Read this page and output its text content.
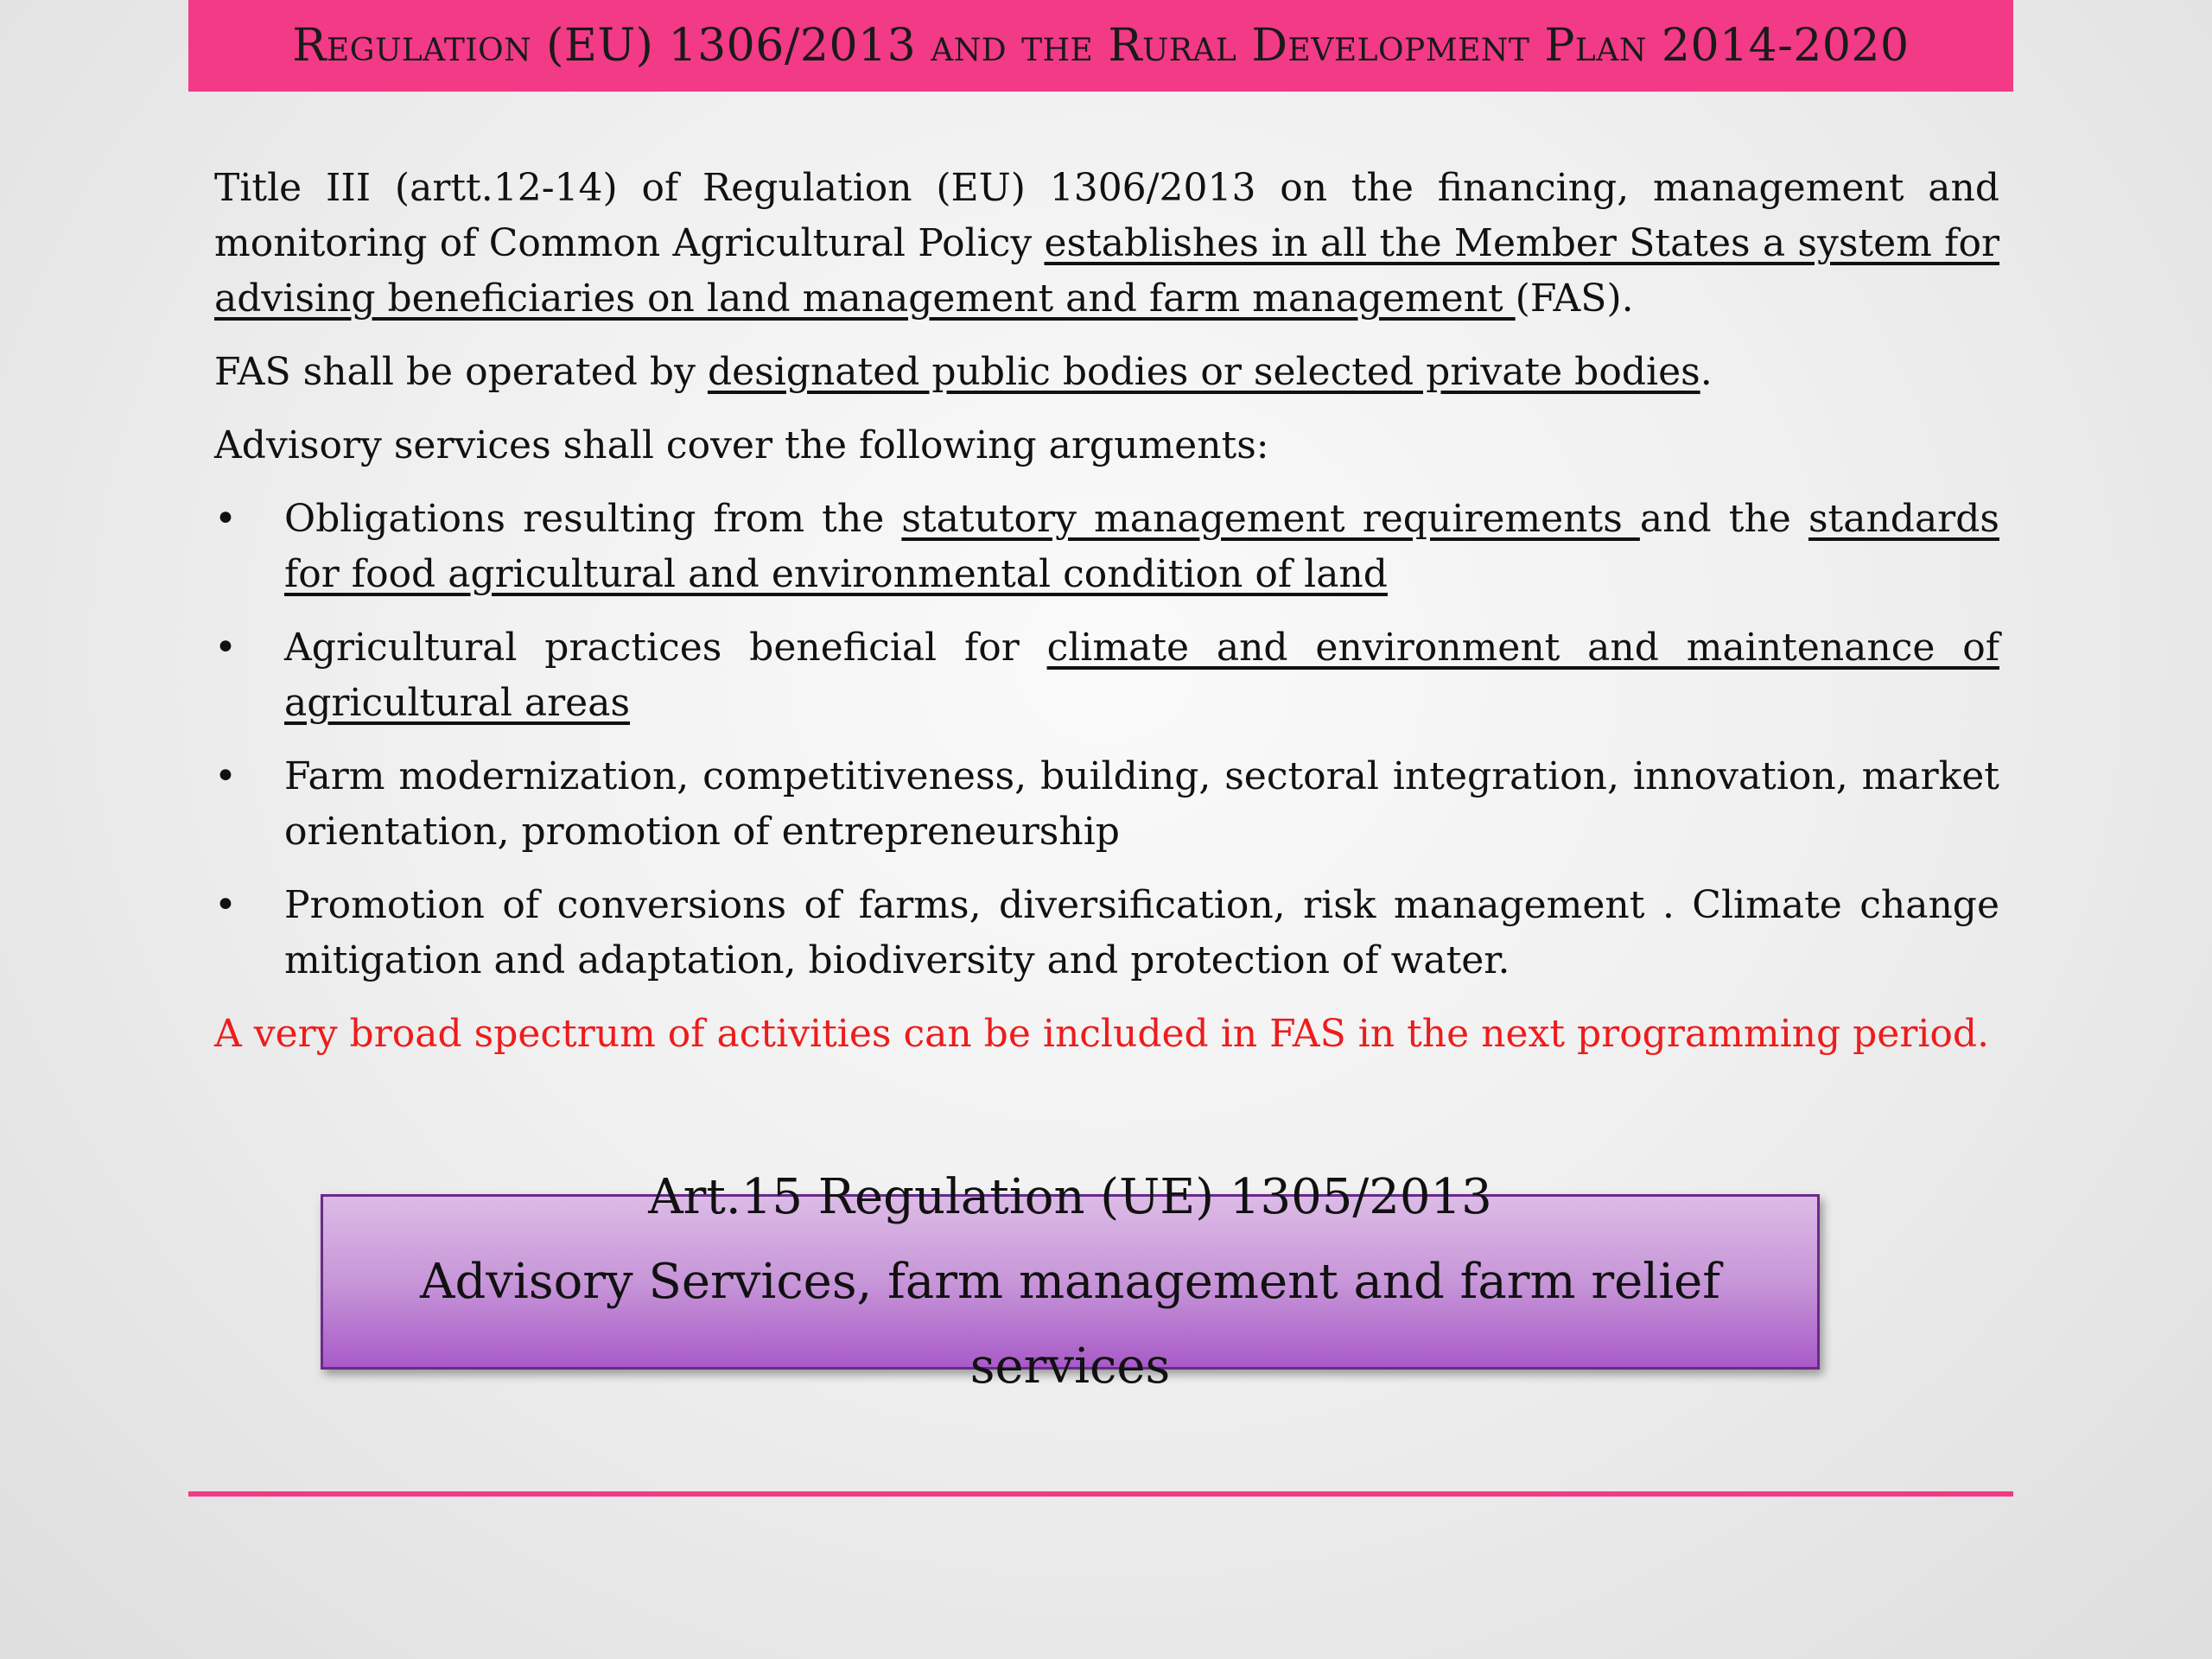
Regulation (EU) 1306/2013 and the Rural Development Plan 2014-2020

Title III (artt.12-14) of Regulation (EU) 1306/2013 on the financing, management and monitoring of Common Agricultural Policy establishes in all the Member States a system for advising beneficiaries on land management and farm management (FAS).

FAS shall be operated by designated public bodies or selected private bodies.

Advisory services shall cover the following arguments:

• Obligations resulting from the statutory management requirements and the standards for food agricultural and environmental condition of land
• Agricultural practices beneficial for climate and environment and maintenance of agricultural areas
• Farm modernization, competitiveness, building, sectoral integration, innovation, market orientation, promotion of entrepreneurship
• Promotion of conversions of farms, diversification, risk management . Climate change mitigation and adaptation, biodiversity and protection of water.

A very broad spectrum of activities can be included in FAS in the next programming period.

Art.15 Regulation (UE) 1305/2013
Advisory Services, farm management and farm relief services
